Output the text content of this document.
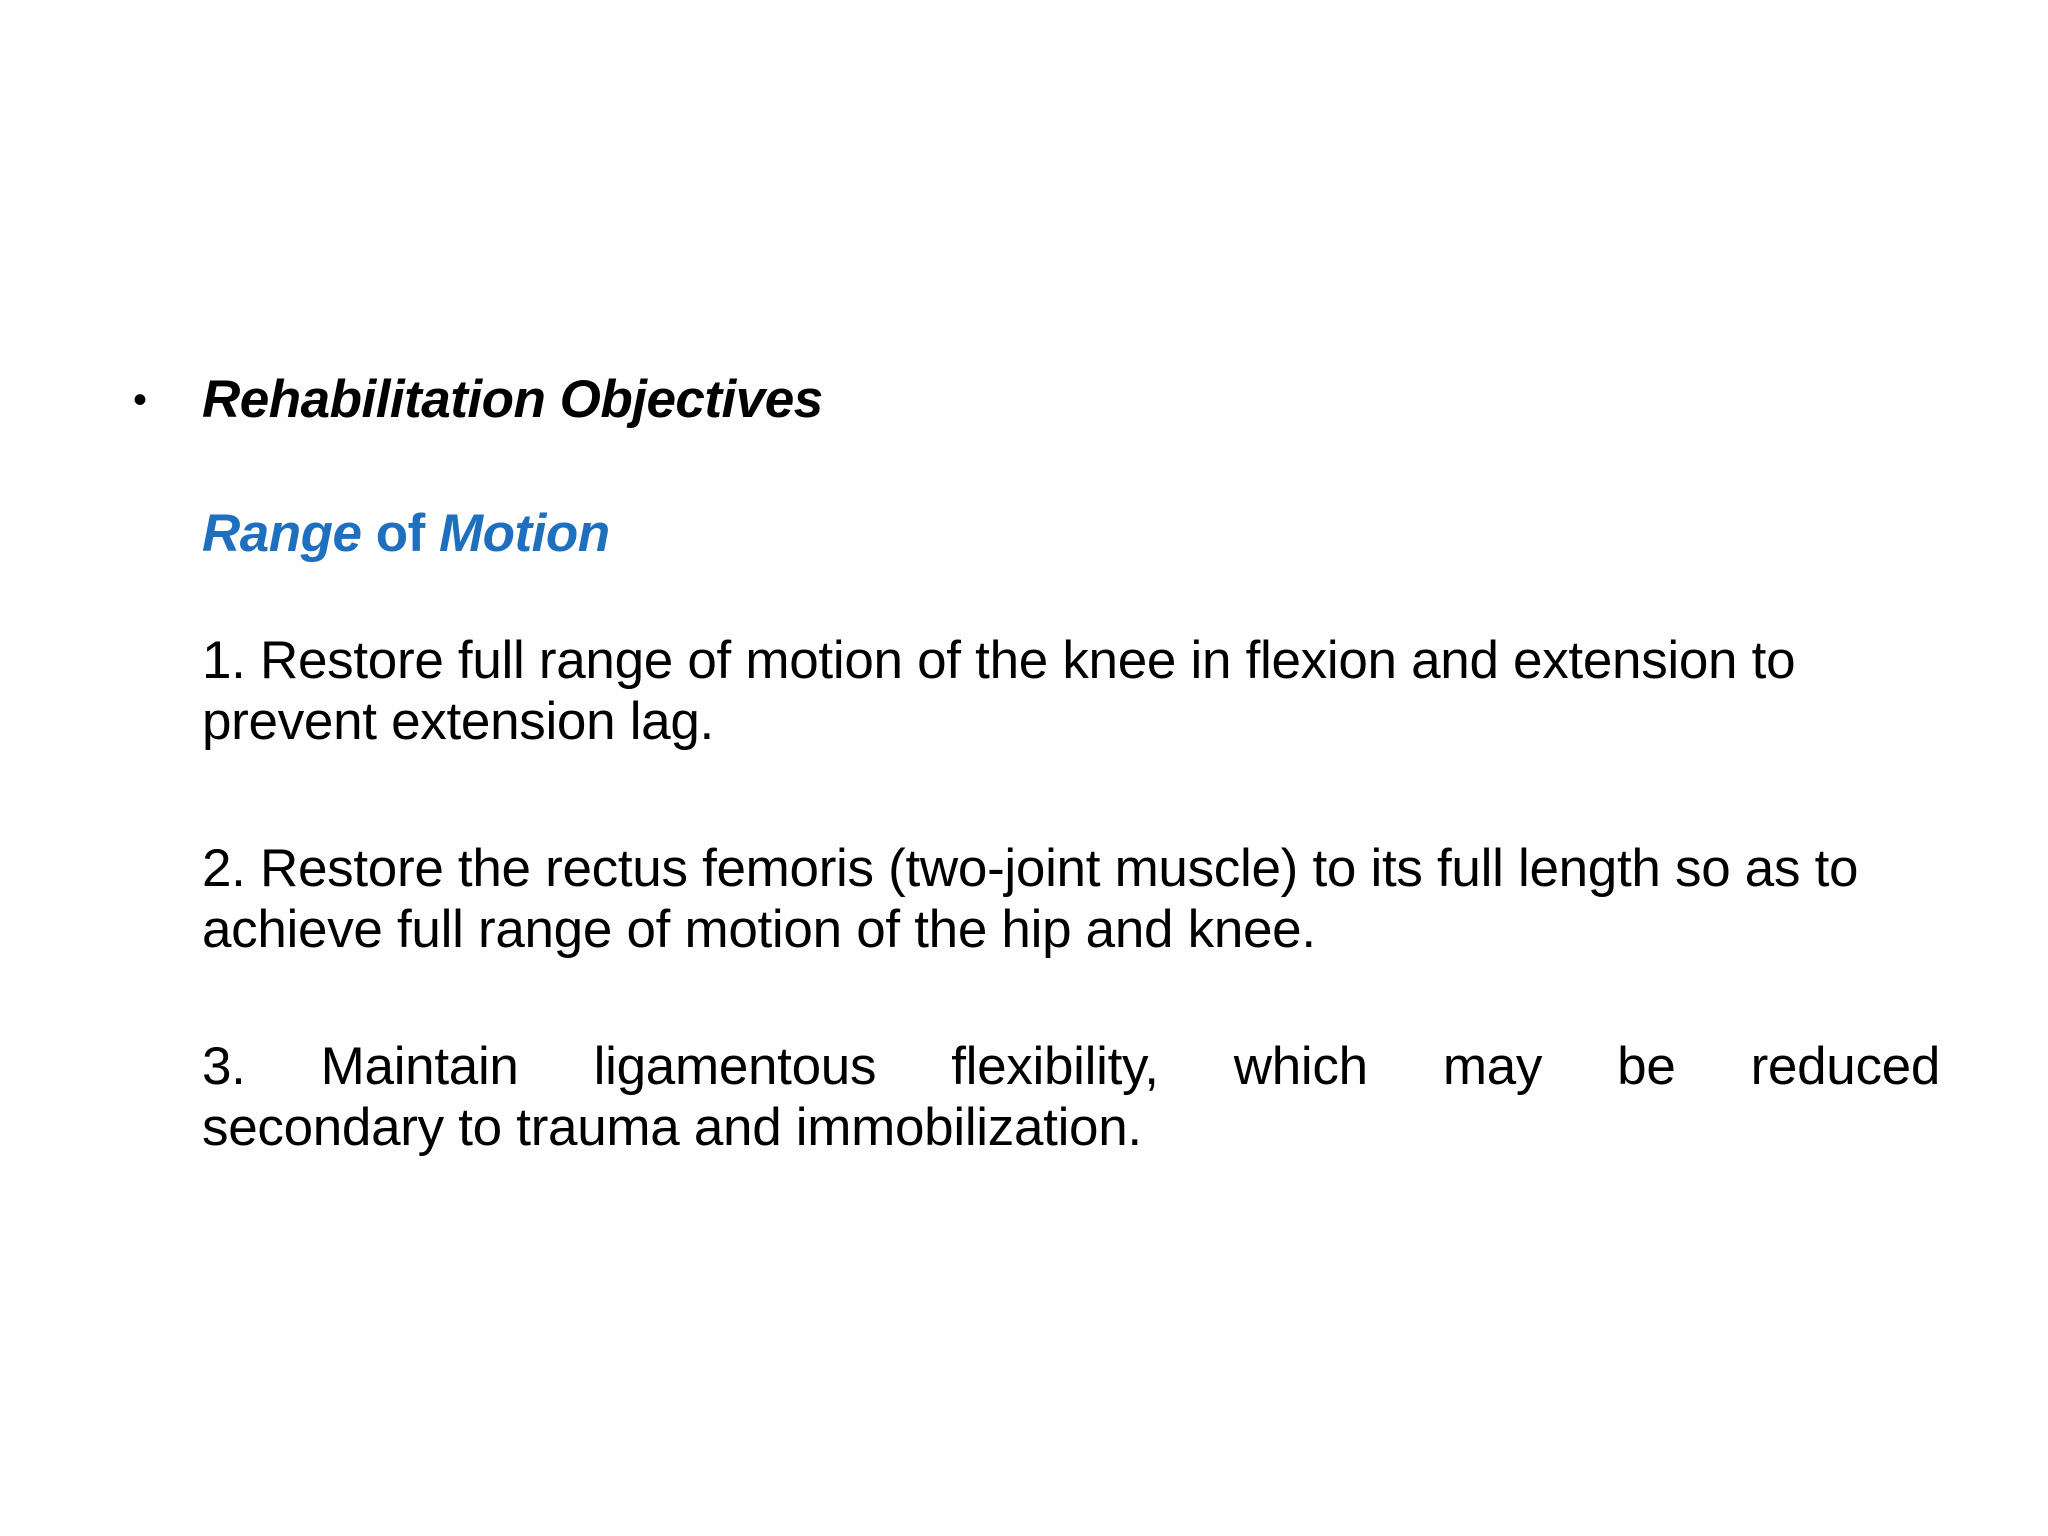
• Rehabilitation Objectives
Range of Motion
1. Restore full range of motion of the knee in flexion and extension to prevent extension lag.
2. Restore the rectus femoris (two-joint muscle) to its full length so as to achieve full range of motion of the hip and knee.
3. Maintain ligamentous flexibility, which may be reduced
secondary to trauma and immobilization.
